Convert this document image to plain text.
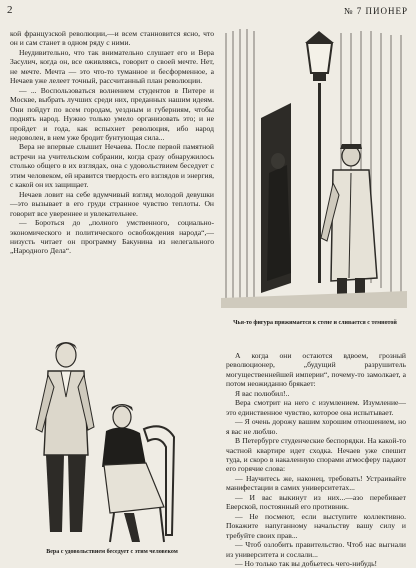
2	№ 7 ПИОНЕР

кой французской революции,—и всем станновится ясно, что он и сам станет в одном ряду с ними.

Неудивительно, что так внимательно слушает его и Вера Засулич, когда он, все оживляясь, говорит о своей мечте. Нет, не мечте. Мечта — это что-то туманное и бесформенное, а Нечаев уже лелеет точный, рассчитанный план революции.

— ... Воспользоваться волнением студентов в Питере и Москве, выбрать лучших среди них, преданных нашим идеям. Они пойдут по всем городам, уездным и губерниям, чтобы поднять народ. Нужно только умело организовать это; и не пройдет и года, как вспыхнет революция, ибо народ недоволен, в нем уже бродит бунтующая сила...

Вера не впервые слышит Нечаева. После первой памятной встречи на учительском собрании, когда сразу обнаружилось столько общего в их взглядах, она с удовольствием беседует с этим человеком, ей нравится твердость его взглядов и энергия, с какой он их защищает.

Нечаев ловит на себе вдумчивый взгляд молодой девушки—это вызывает в его груди странное чувство теплоты. Он говорит все увереннее и увлекательнее.

— Бороться до „полного умственного, социально-экономического и политического освобождения народа“,—низусть читает он программу Бакунина из нелегального „Народного Дела“.

Чья-то фигура прижимается к стене и сливается с темнотой

А когда они остаются вдвоем, грозный революционер, „будущий разрушитель могущественнейшей империи“, почему-то замолкает, а потом неожиданно брякает:

Я вас полюбил!..

Вера смотрит на него с изумлением. Изумление—это единственное чувство, которое она испытывает.

— Я очень дорожу вашим хорошим отношением, но я вас не люблю.

В Петербурге студенческие беспорядки. На какой-то частной квартире идет сходка. Нечаев уже спешит туда, и скоро в накаленную спорами атмосферу падают его горячие слова:

— Научитесь же, наконец, требовать! Устраивайте манифестации в самих университетах...

— И вас выкинут из них...—азо перебивает Еверской, постоянный его противник.

— Не посмеют, если выступите коллективно. Покажите напуганному начальству вашу силу и требуйте своих прав...

— Чтоб озлобить правительство. Чтоб нас выгнали из университета и сослали...

— Но только так вы добьетесь чего-нибудь!

Вера с удовольствием беседует с этим человеком
